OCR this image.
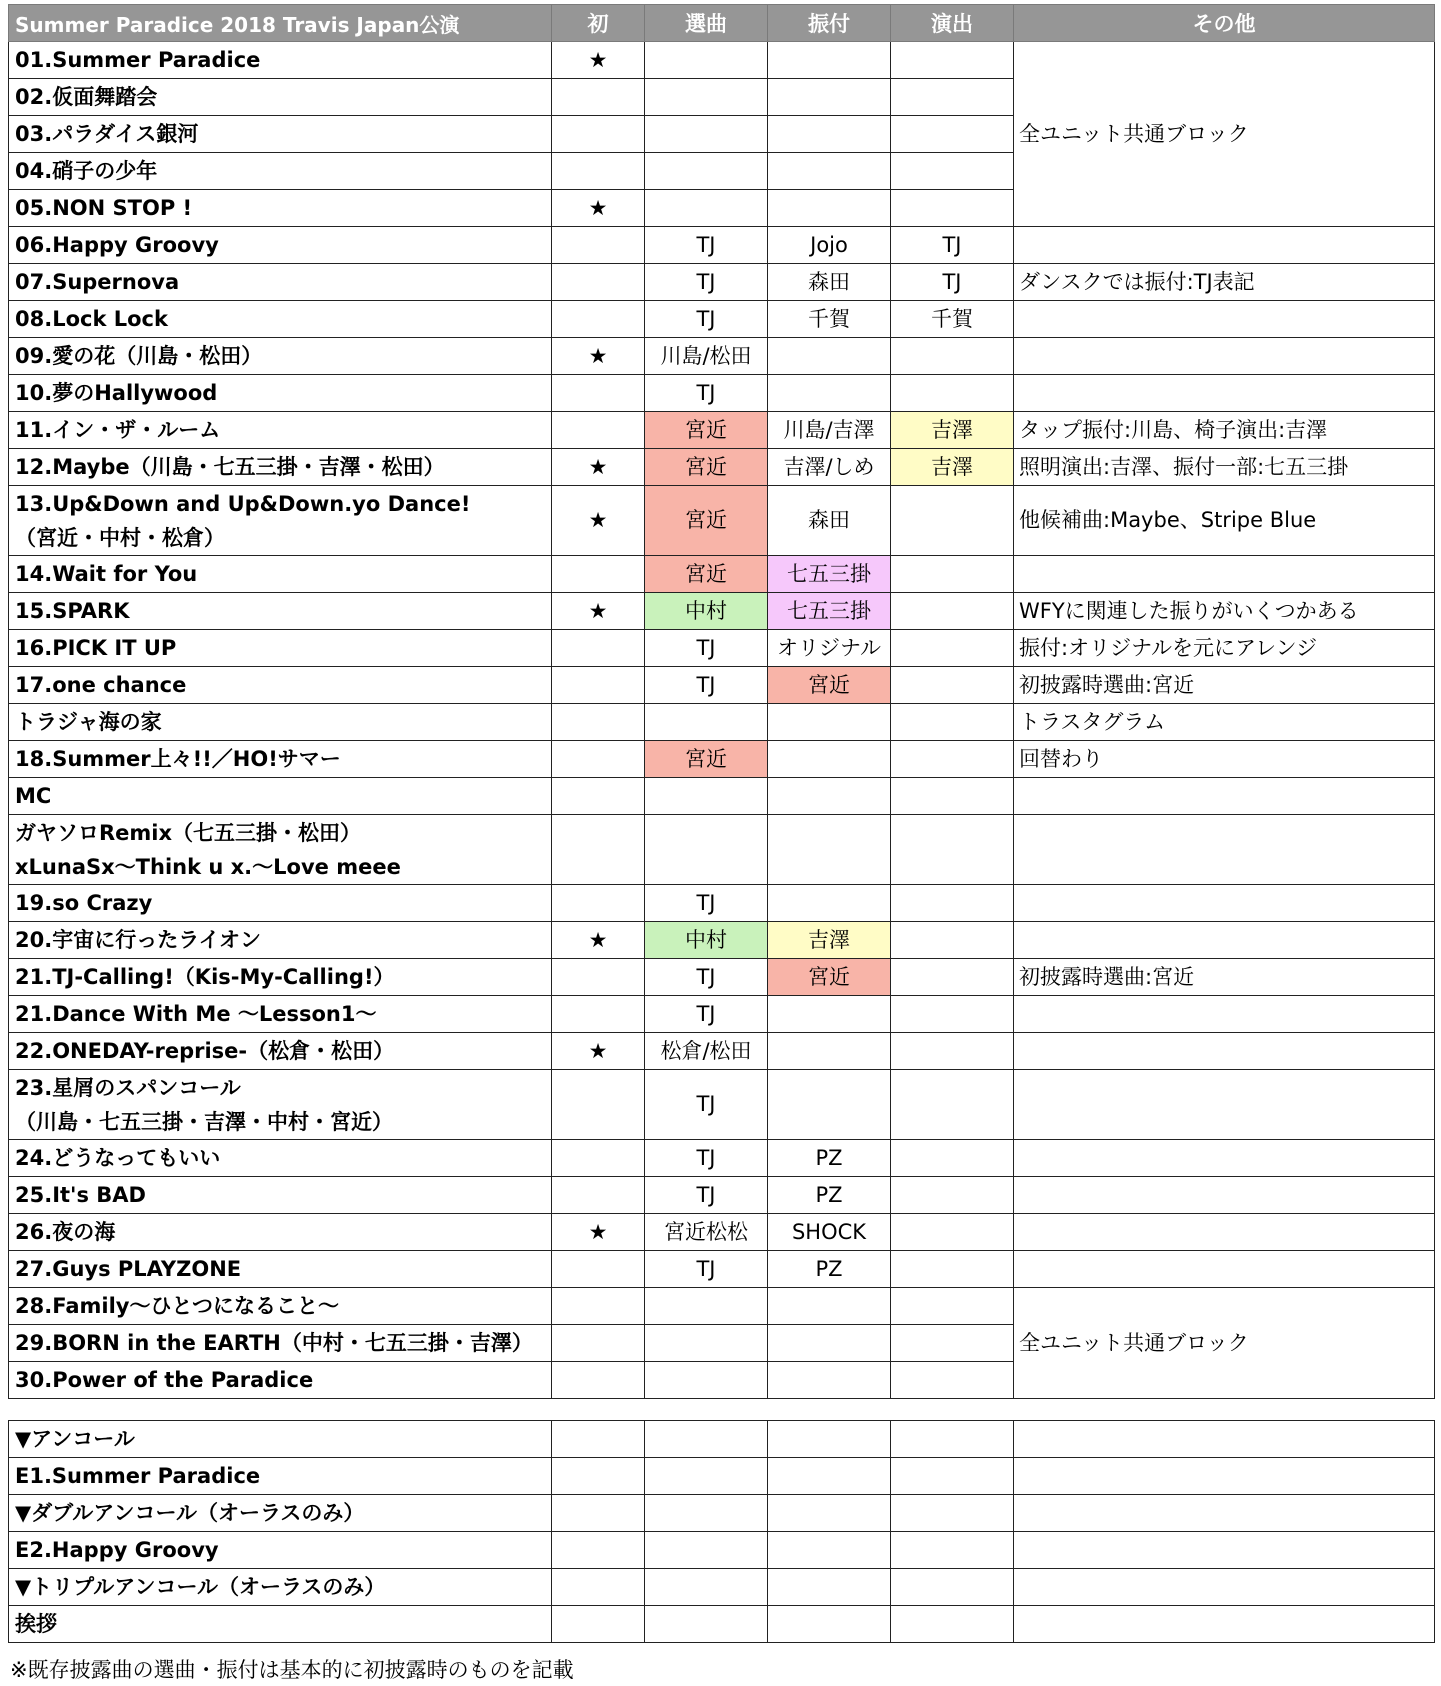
Summer Paradice 2018 Travis Japan公演	初	選曲	振付	演出	その他
01.Summer Paradice	★				全ユニット共通ブロック
02.仮面舞踏会					
03.パラダイス銀河					
04.硝子の少年					
05.NON STOP !	★				
06.Happy Groovy		TJ	Jojo	TJ	
07.Supernova		TJ	森田	TJ	ダンスクでは振付:TJ表記
08.Lock Lock		TJ	千賀	千賀	
09.愛の花（川島・松田）	★	川島/松田			
10.夢のHallywood		TJ			
11.イン・ザ・ルーム		宮近	川島/吉澤	吉澤	タップ振付:川島、椅子演出:吉澤
12.Maybe（川島・七五三掛・吉澤・松田）	★	宮近	吉澤/しめ	吉澤	照明演出:吉澤、振付一部:七五三掛

13.Up&Down and Up&Down.yo Dance!
（宮近・中村・松倉）	★	宮近	森田		他候補曲:Maybe、Stripe Blue
14.Wait for You		宮近	七五三掛		
15.SPARK	★	中村	七五三掛		WFYに関連した振りがいくつかある
16.PICK IT UP		TJ	オリジナル		振付:オリジナルを元にアレンジ
17.one chance		TJ	宮近		初披露時選曲:宮近
トラジャ海の家					トラスタグラム
18.Summer上々!!／HO!サマー		宮近			回替わり
MC					

ガヤソロRemix（七五三掛・松田）
xLunaSx～Think u x.～Love meee					

19.so Crazy		TJ			
20.宇宙に行ったライオン	★	中村	吉澤		
21.TJ-Calling!（Kis-My-Calling!）		TJ	宮近		初披露時選曲:宮近
21.Dance With Me ～Lesson1～		TJ			
22.ONEDAY-reprise-（松倉・松田）	★	松倉/松田			

23.星屑のスパンコール
（川島・七五三掛・吉澤・中村・宮近）		TJ			
24.どうなってもいい		TJ	PZ		
25.It's BAD		TJ	PZ		
26.夜の海	★	宮近松松	SHOCK		
27.Guys PLAYZONE		TJ	PZ		
28.Family～ひとつになること～					全ユニット共通ブロック
29.BORN in the EARTH（中村・七五三掛・吉澤）					
30.Power of the Paradice					
▼アンコール					
E1.Summer Paradice					
▼ダブルアンコール（オーラスのみ）					
E2.Happy Groovy					
▼トリプルアンコール（オーラスのみ）					
挨拶					
※既存披露曲の選曲・振付は基本的に初披露時のものを記載
